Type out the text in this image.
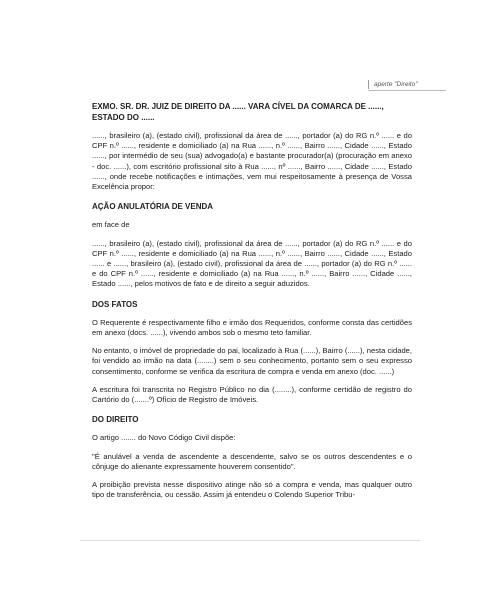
aperte "Direito"
EXMO. SR. DR. JUIZ DE DIREITO DA ...... VARA CÍVEL DA COMARCA DE ......, ESTADO DO ......

......, brasileiro (a), (estado civil), profissional da área de ......, portador (a) do RG n.º ...... e do CPF n.º ......, residente e domiciliado (a) na Rua ......, n.º ......, Bairro ......, Cidade ......, Estado ......, por intermédio de seu (sua) advogado(a) e bastante procurador(a) (procuração em anexo - doc. ......), com escritório profissional sito à Rua ......, nº ......, Bairro ......, Cidade ......, Estado ......, onde recebe notificações e intimações, vem mui respeitosamente à presença de Vossa Excelência propor:

AÇÃO ANULATÓRIA DE VENDA

em face de

......, brasileiro (a), (estado civil), profissional da área de ......, portador (a) do RG n.º ...... e do CPF n.º ......, residente e domiciliado (a) na Rua ......, n.º ......, Bairro ......, Cidade ......, Estado ...... e ......, brasileiro (a), (estado civil), profissional da área de ......, portador (a) do RG n.º ...... e do CPF n.º ......, residente e domiciliado (a) na Rua ......, n.º ......, Bairro ......, Cidade ......, Estado ......, pelos motivos de fato e de direito a seguir aduzidos.

DOS FATOS

O Requerente é respectivamente filho e irmão dos Requeridos, conforme consta das certidões em anexo (docs. ......), vivendo ambos sob o mesmo teto familiar.

No entanto, o imóvel de propriedade do pai, localizado à Rua (......), Bairro (......), nesta cidade, foi vendido ao irmão na data (........) sem o seu conhecimento, portanto sem o seu expresso consentimento, conforme se verifica da escritura de compra e venda em anexo (doc. ......)

A escritura foi transcrita no Registro Público no dia (........), conforme certidão de registro do Cartório do (.......º) Ofício de Registro de Imóveis.

DO DIREITO

O artigo ....... do Novo Código Civil dispõe:

"É anulável a venda de ascendente a descendente, salvo se os outros descendentes e o cônjuge do alienante expressamente houverem consentido".

A proibição prevista nesse dispositivo atinge não só a compra e venda, mas qualquer outro tipo de transferência, ou cessão. Assim já entendeu o Colendo Superior Tribu-
